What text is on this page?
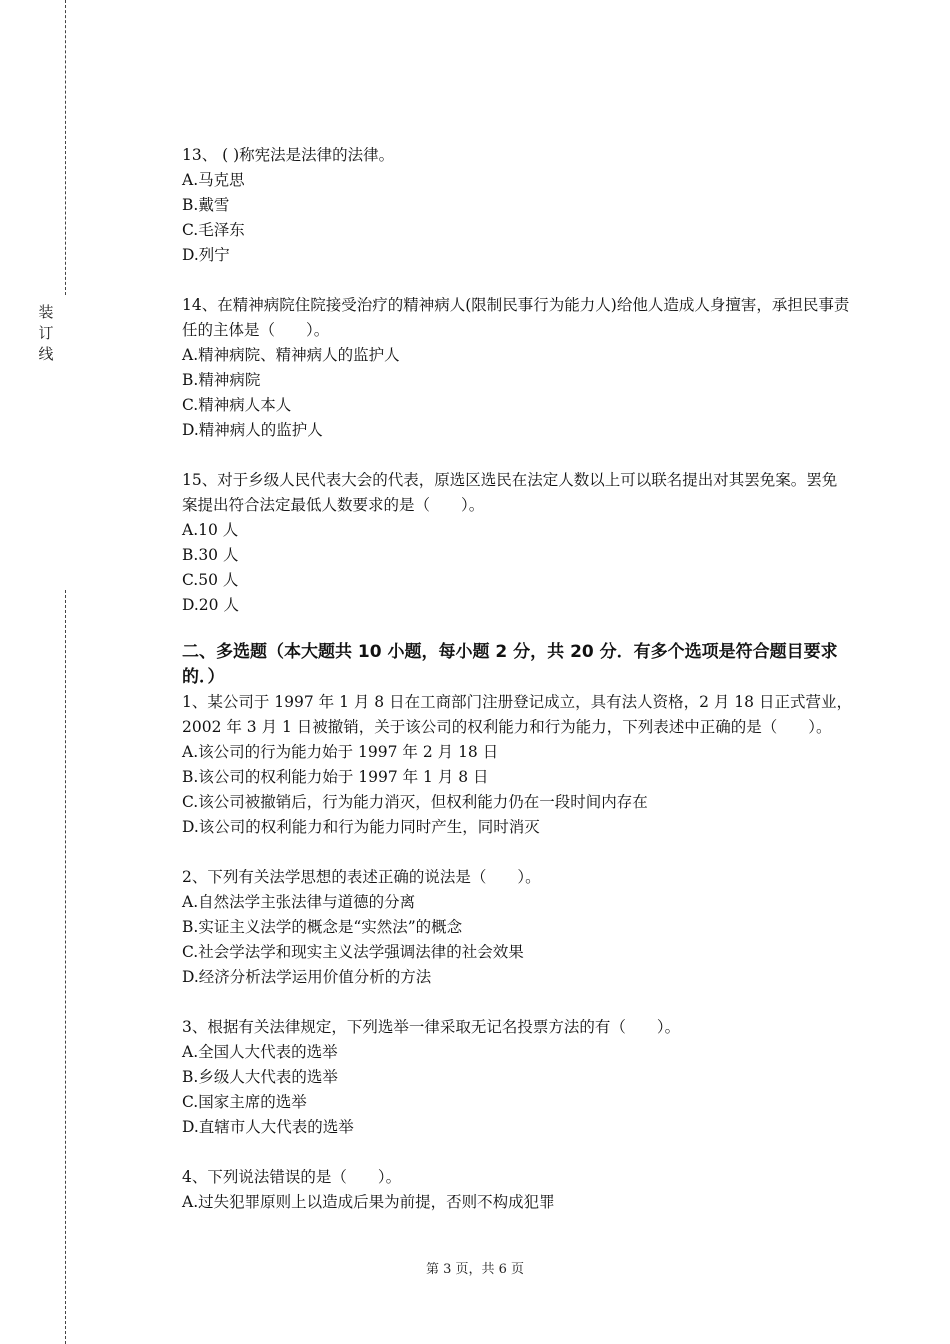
装
订
线

13、 ( )称宪法是法律的法律。

A.马克思

B.戴雪

C.毛泽东

D.列宁

14、在精神病院住院接受治疗的精神病人(限制民事行为能力人)给他人造成人身擅害，承担民事责任的主体是（　　）。

A.精神病院、精神病人的监护人

B.精神病院

C.精神病人本人

D.精神病人的监护人

15、对于乡级人民代表大会的代表，原选区选民在法定人数以上可以联名提出对其罢免案。罢免案提出符合法定最低人数要求的是（　　）。

A.10 人

B.30 人

C.50 人

D.20 人

二、多选题（本大题共 10 小题，每小题 2 分，共 20 分．有多个选项是符合题目要求的．）

1、某公司于 1997 年 1 月 8 日在工商部门注册登记成立，具有法人资格，2 月 18 日正式营业，2002 年 3 月 1 日被撤销，关于该公司的权利能力和行为能力，下列表述中正确的是（　　）。

A.该公司的行为能力始于 1997 年 2 月 18 日

B.该公司的权利能力始于 1997 年 1 月 8 日

C.该公司被撤销后，行为能力消灭，但权利能力仍在一段时间内存在

D.该公司的权利能力和行为能力同时产生，同时消灭

2、下列有关法学思想的表述正确的说法是（　　）。

A.自然法学主张法律与道德的分离

B.实证主义法学的概念是“实然法”的概念

C.社会学法学和现实主义法学强调法律的社会效果

D.经济分析法学运用价值分析的方法

3、根据有关法律规定，下列选举一律采取无记名投票方法的有（　　）。

A.全国人大代表的选举

B.乡级人大代表的选举

C.国家主席的选举

D.直辖市人大代表的选举

4、下列说法错误的是（　　）。

A.过失犯罪原则上以造成后果为前提，否则不构成犯罪

第 3 页，共 6 页
